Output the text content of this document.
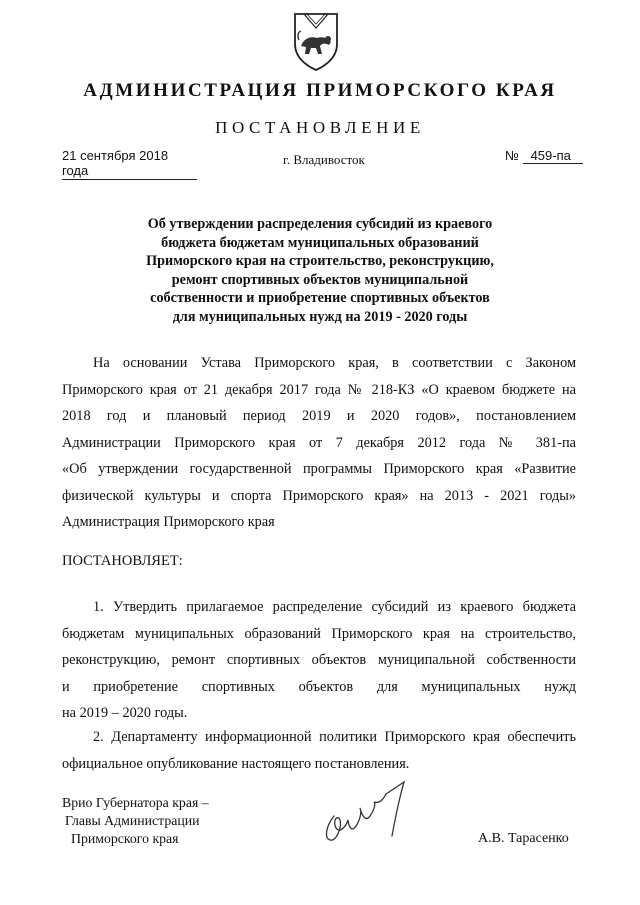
АДМИНИСТРАЦИЯ ПРИМОРСКОГО КРАЯ
ПОСТАНОВЛЕНИЕ
21 сентября 2018 года
г. Владивосток	№ 459-па
Об утверждении распределения субсидий из краевого
бюджета бюджетам муниципальных образований
Приморского края на строительство, реконструкцию,
ремонт спортивных объектов муниципальной
собственности и приобретение спортивных объектов
для муниципальных нужд на 2019 - 2020 годы
На основании Устава Приморского края, в соответствии с Законом
Приморского края от 21 декабря 2017 года № 218-КЗ «О краевом бюджете на
2018 год и плановый период 2019 и 2020 годов», постановлением
Администрации Приморского края от 7 декабря 2012 года № 381-па
«Об утверждении государственной программы Приморского края «Развитие
физической культуры и спорта Приморского края» на 2013 - 2021 годы»
Администрация Приморского края
ПОСТАНОВЛЯЕТ:
1. Утвердить прилагаемое распределение субсидий из краевого бюджета
бюджетам муниципальных образований Приморского края на строительство,
реконструкцию, ремонт спортивных объектов муниципальной собственности
и приобретение спортивных объектов для муниципальных нужд
на 2019 – 2020 годы.
2. Департаменту информационной политики Приморского края обеспечить
официальное опубликование настоящего постановления.
Врио Губернатора края –
Главы Администрации
Приморского края	А.В. Тарасенко
